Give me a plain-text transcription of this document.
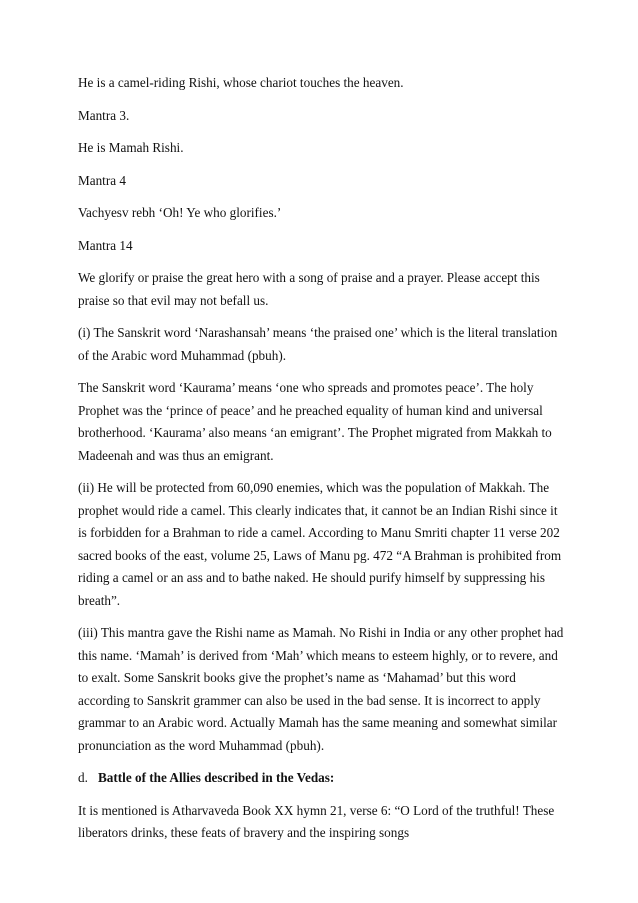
He is a camel-riding Rishi, whose chariot touches the heaven.

Mantra 3.

He is Mamah Rishi.

Mantra 4

Vachyesv rebh ‘Oh! Ye who glorifies.’

Mantra 14

We glorify or praise the great hero with a song of praise and a prayer. Please accept this praise so that evil may not befall us.

(i) The Sanskrit word ‘Narashansah’ means ‘the praised one’ which is the literal translation of the Arabic word Muhammad (pbuh).

The Sanskrit word ‘Kaurama’ means ‘one who spreads and promotes peace’. The holy Prophet was the ‘prince of peace’ and he preached equality of human kind and universal brotherhood. ‘Kaurama’ also means ‘an emigrant’. The Prophet migrated from Makkah to Madeenah and was thus an emigrant.

(ii) He will be protected from 60,090 enemies, which was the population of Makkah. The prophet would ride a camel. This clearly indicates that, it cannot be an Indian Rishi since it is forbidden for a Brahman to ride a camel. According to Manu Smriti chapter 11 verse 202 sacred books of the east, volume 25, Laws of Manu pg. 472 “A Brahman is prohibited from riding a camel or an ass and to bathe naked. He should purify himself by suppressing his breath”.

(iii) This mantra gave the Rishi name as Mamah. No Rishi in India or any other prophet had this name. ‘Mamah’ is derived from ‘Mah’ which means to esteem highly, or to revere, and to exalt. Some Sanskrit books give the prophet’s name as ‘Mahamad’ but this word according to Sanskrit grammer can also be used in the bad sense. It is incorrect to apply grammar to an Arabic word. Actually Mamah has the same meaning and somewhat similar pronunciation as the word Muhammad (pbuh).

d. Battle of the Allies described in the Vedas:

It is mentioned is Atharvaveda Book XX hymn 21, verse 6: “O Lord of the truthful! These liberators drinks, these feats of bravery and the inspiring songs
